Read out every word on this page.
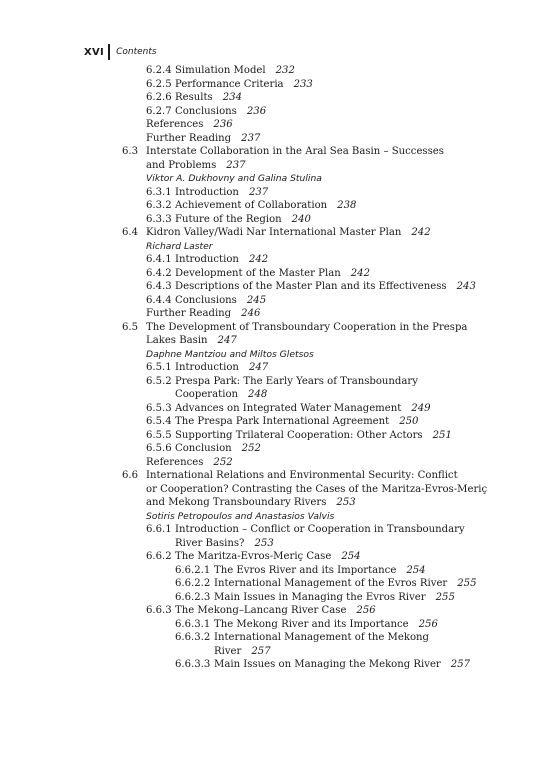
XVI Contents
6.2.4 Simulation Model 232
6.2.5 Performance Criteria 233
6.2.6 Results 234
6.2.7 Conclusions 236
References 236
Further Reading 237
6.3 Interstate Collaboration in the Aral Sea Basin – Successes
and Problems 237
Viktor A. Dukhovny and Galina Stulina
6.3.1 Introduction 237
6.3.2 Achievement of Collaboration 238
6.3.3 Future of the Region 240
6.4 Kidron Valley/Wadi Nar International Master Plan 242
Richard Laster
6.4.1 Introduction 242
6.4.2 Development of the Master Plan 242
6.4.3 Descriptions of the Master Plan and its Effectiveness 243
6.4.4 Conclusions 245
Further Reading 246
6.5 The Development of Transboundary Cooperation in the Prespa
Lakes Basin 247
Daphne Mantziou and Miltos Gletsos
6.5.1 Introduction 247
6.5.2 Prespa Park: The Early Years of Transboundary
Cooperation 248
6.5.3 Advances on Integrated Water Management 249
6.5.4 The Prespa Park International Agreement 250
6.5.5 Supporting Trilateral Cooperation: Other Actors 251
6.5.6 Conclusion 252
References 252
6.6 International Relations and Environmental Security: Conflict
or Cooperation? Contrasting the Cases of the Maritza-Evros-Meriç
and Mekong Transboundary Rivers 253
Sotiris Petropoulos and Anastasios Valvis
6.6.1 Introduction – Conflict or Cooperation in Transboundary
River Basins? 253
6.6.2 The Maritza-Evros-Meriç Case 254
6.6.2.1 The Evros River and its Importance 254
6.6.2.2 International Management of the Evros River 255
6.6.2.3 Main Issues in Managing the Evros River 255
6.6.3 The Mekong–Lancang River Case 256
6.6.3.1 The Mekong River and its Importance 256
6.6.3.2 International Management of the Mekong
River 257
6.6.3.3 Main Issues on Managing the Mekong River 257
